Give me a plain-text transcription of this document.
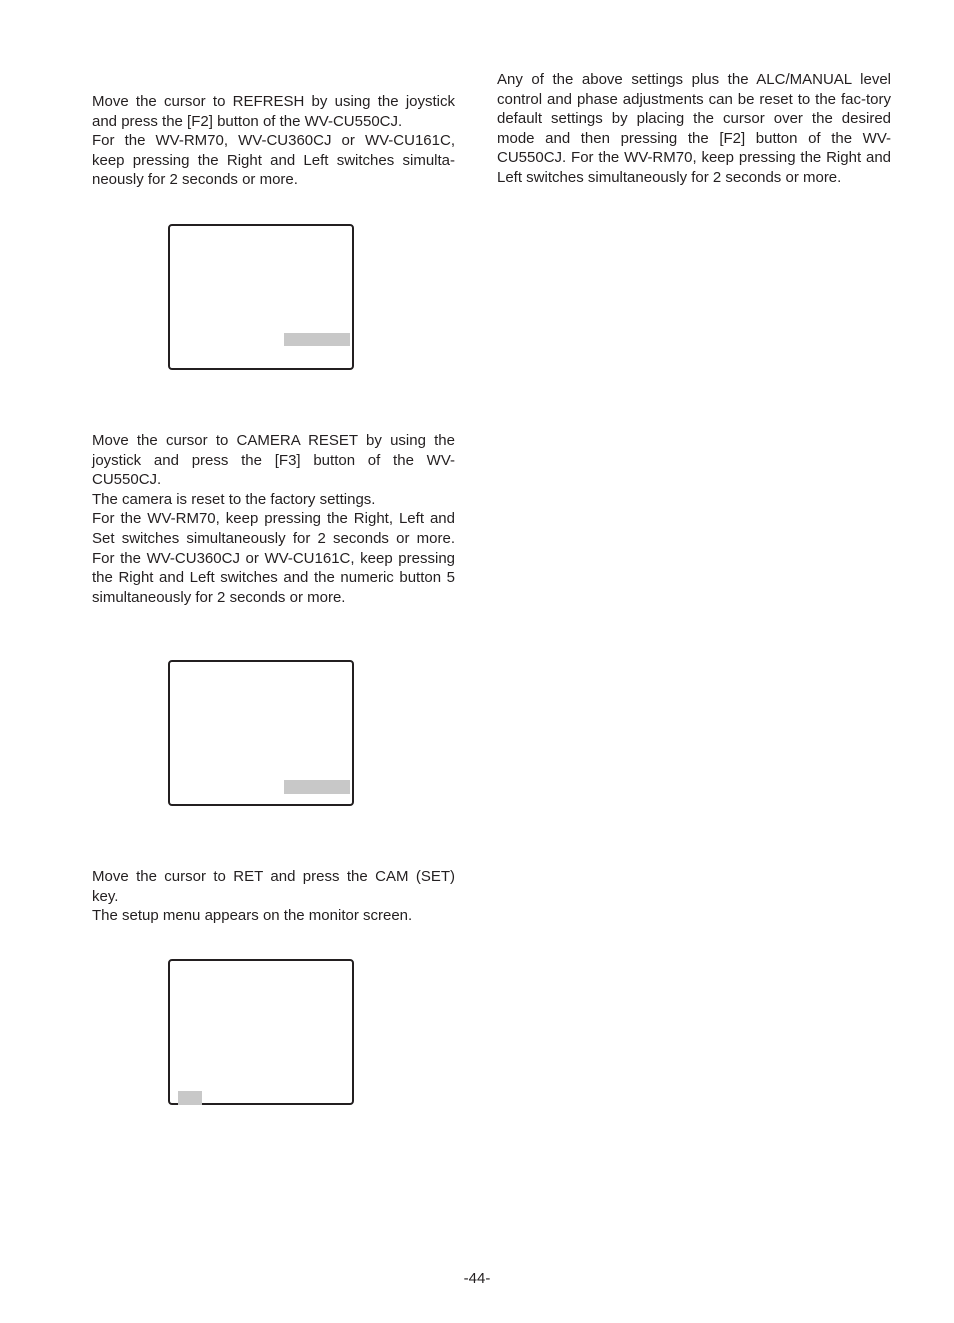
Move the cursor to REFRESH by using the joystick and press the [F2] button of the WV-CU550CJ.

For the WV-RM70, WV-CU360CJ or WV-CU161C, keep pressing the Right and Left switches simulta-neously for 2 seconds or more.

Move the cursor to CAMERA RESET by using the joystick and press the [F3] button of the WV-CU550CJ.

The camera is reset to the factory settings.

For the WV-RM70, keep pressing the Right, Left and Set switches simultaneously for 2 seconds or more. For the WV-CU360CJ or WV-CU161C, keep pressing the Right and Left switches and the numeric button 5 simultaneously for 2 seconds or more.

Move the cursor to RET and press the CAM (SET) key.

The setup menu appears on the monitor screen.

Any of the above settings plus the ALC/MANUAL level control and phase adjustments can be reset to the fac-tory default settings by placing the cursor over the desired mode and then pressing the [F2] button of the WV-CU550CJ. For the WV-RM70, keep pressing the Right and Left switches simultaneously for 2 seconds or more.

-44-
